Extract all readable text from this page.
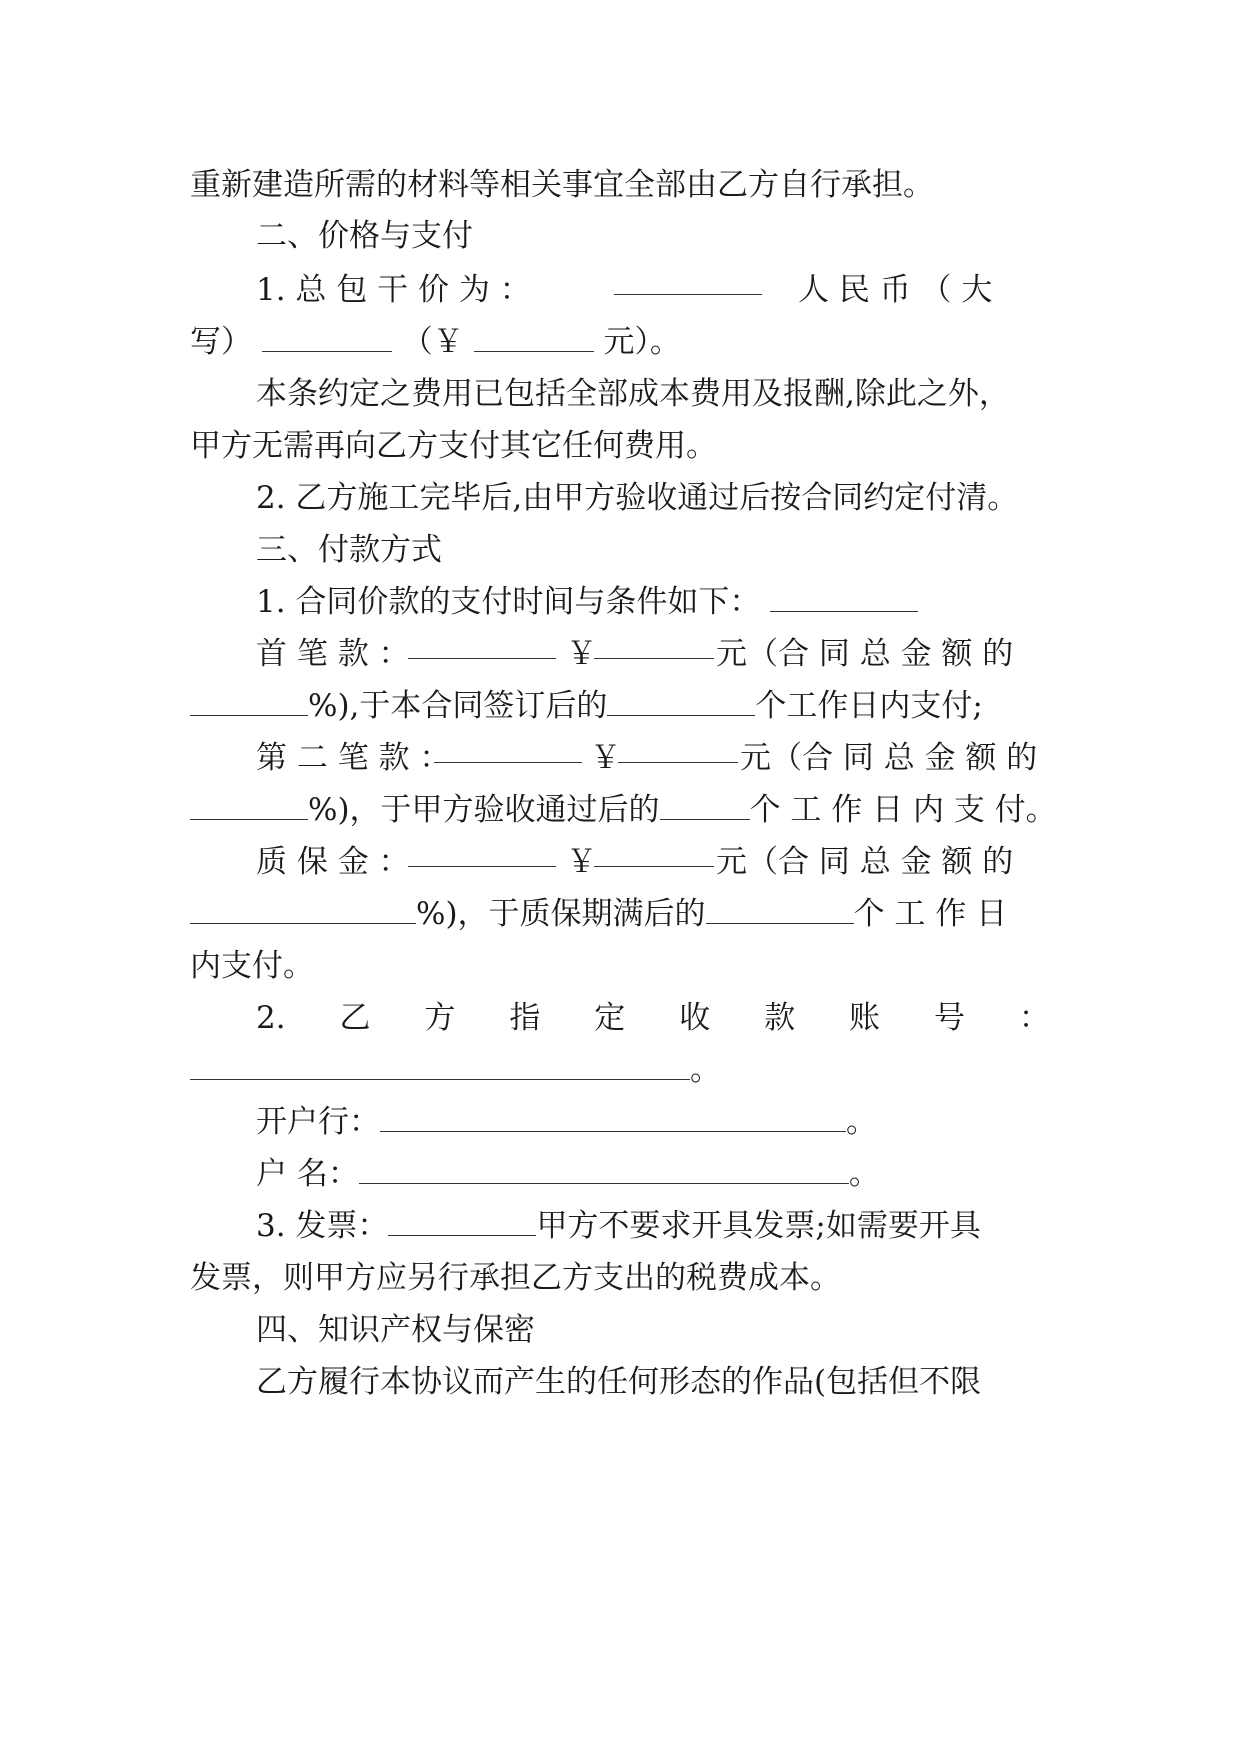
重新建造所需的材料等相关事宜全部由乙方自行承担。
二、价格与支付
1. 总 包 干 价 为 ：	人 民 币 （ 大
写）	（￥	元）。
本条约定之费用已包括全部成本费用及报酬,除此之外，
甲方无需再向乙方支付其它任何费用。
2. 乙方施工完毕后,由甲方验收通过后按合同约定付清。
三、付款方式
1. 合同价款的支付时间与条件如下：
首 笔 款 ：	￥	元（合 同 总 金 额 的
%),于本合同签订后的	个工作日内支付;
第 二 笔 款 ：	￥	元（合 同 总 金 额 的
%)，于甲方验收通过后的	个 工 作 日 内 支 付。
质 保 金 ：	￥	元（合 同 总 金 额 的
%)，于质保期满后的	个 工 作 日
内支付。
2. 乙 方 指 定 收 款 账 号 ：
。
开户行：	。
户 名：	。
3. 发票：	甲方不要求开具发票;如需要开具
发票，则甲方应另行承担乙方支出的税费成本。
四、知识产权与保密
乙方履行本协议而产生的任何形态的作品(包括但不限
